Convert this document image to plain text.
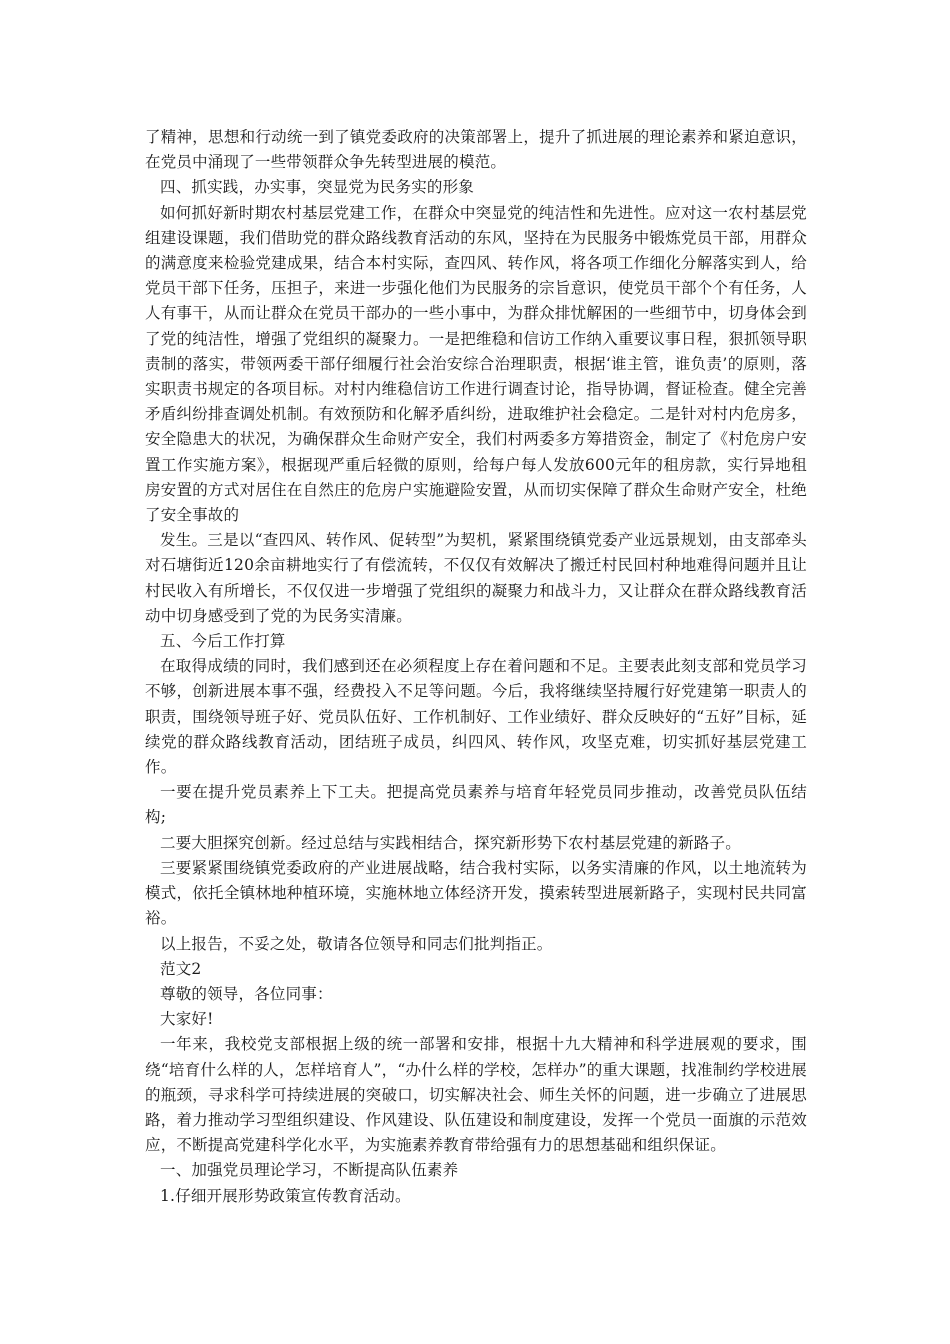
了精神，思想和行动统一到了镇党委政府的决策部署上，提升了抓进展的理论素养和紧迫意识，在党员中涌现了一些带领群众争先转型进展的模范。

四、抓实践，办实事，突显党为民务实的形象

如何抓好新时期农村基层党建工作，在群众中突显党的纯洁性和先进性。应对这一农村基层党组建设课题，我们借助党的群众路线教育活动的东风，坚持在为民服务中锻炼党员干部，用群众的满意度来检验党建成果，结合本村实际，查四风、转作风，将各项工作细化分解落实到人，给党员干部下任务，压担子，来进一步强化他们为民服务的宗旨意识，使党员干部个个有任务，人人有事干，从而让群众在党员干部办的一些小事中，为群众排忧解困的一些细节中，切身体会到了党的纯洁性，增强了党组织的凝聚力。一是把维稳和信访工作纳入重要议事日程，狠抓领导职责制的落实，带领两委干部仔细履行社会治安综合治理职责，根据‘谁主管，谁负责’的原则，落实职责书规定的各项目标。对村内维稳信访工作进行调查讨论，指导协调，督证检查。健全完善矛盾纠纷排查调处机制。有效预防和化解矛盾纠纷，进取维护社会稳定。二是针对村内危房多，安全隐患大的状况，为确保群众生命财产安全，我们村两委多方筹措资金，制定了《村危房户安置工作实施方案》，根据现严重后轻微的原则，给每户每人发放600元年的租房款，实行异地租房安置的方式对居住在自然庄的危房户实施避险安置，从而切实保障了群众生命财产安全，杜绝了安全事故的

发生。三是以“查四风、转作风、促转型”为契机，紧紧围绕镇党委产业远景规划，由支部牵头对石塘街近120余亩耕地实行了有偿流转，不仅仅有效解决了搬迁村民回村种地难得问题并且让村民收入有所增长，不仅仅进一步增强了党组织的凝聚力和战斗力，又让群众在群众路线教育活动中切身感受到了党的为民务实清廉。

五、今后工作打算

在取得成绩的同时，我们感到还在必须程度上存在着问题和不足。主要表此刻支部和党员学习不够，创新进展本事不强，经费投入不足等问题。今后，我将继续坚持履行好党建第一职责人的职责，围绕领导班子好、党员队伍好、工作机制好、工作业绩好、群众反映好的“五好”目标，延续党的群众路线教育活动，团结班子成员，纠四风、转作风，攻坚克难，切实抓好基层党建工作。

一要在提升党员素养上下工夫。把提高党员素养与培育年轻党员同步推动，改善党员队伍结构;

二要大胆探究创新。经过总结与实践相结合，探究新形势下农村基层党建的新路子。

三要紧紧围绕镇党委政府的产业进展战略，结合我村实际，以务实清廉的作风，以土地流转为模式，依托全镇林地种植环境，实施林地立体经济开发，摸索转型进展新路子，实现村民共同富裕。

以上报告，不妥之处，敬请各位领导和同志们批判指正。

范文2

尊敬的领导，各位同事：

大家好!

一年来，我校党支部根据上级的统一部署和安排，根据十九大精神和科学进展观的要求，围绕“培育什么样的人，怎样培育人”，“办什么样的学校，怎样办”的重大课题，找准制约学校进展的瓶颈，寻求科学可持续进展的突破口，切实解决社会、师生关怀的问题，进一步确立了进展思路，着力推动学习型组织建设、作风建设、队伍建设和制度建设，发挥一个党员一面旗的示范效应，不断提高党建科学化水平，为实施素养教育带给强有力的思想基础和组织保证。

一、加强党员理论学习，不断提高队伍素养

1.仔细开展形势政策宣传教育活动。
